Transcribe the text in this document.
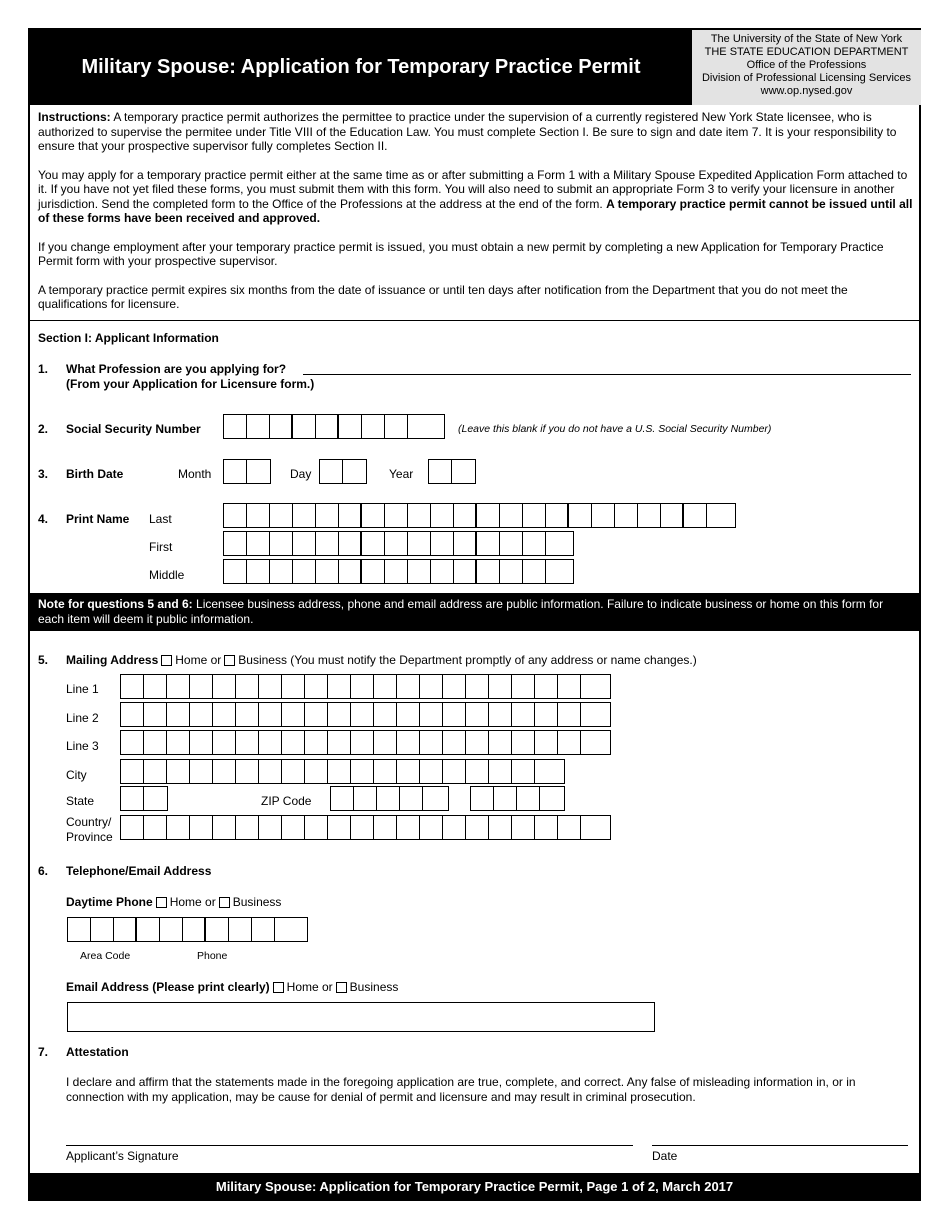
Military Spouse: Application for Temporary Practice Permit
The University of the State of New York
THE STATE EDUCATION DEPARTMENT
Office of the Professions
Division of Professional Licensing Services
www.op.nysed.gov

Instructions: A temporary practice permit authorizes the permittee to practice under the supervision of a currently registered New York State licensee, who is authorized to supervise the permitee under Title VIII of the Education Law. You must complete Section I. Be sure to sign and date item 7. It is your responsibility to ensure that your prospective supervisor fully completes Section II.

You may apply for a temporary practice permit either at the same time as or after submitting a Form 1 with a Military Spouse Expedited Application Form attached to it. If you have not yet filed these forms, you must submit them with this form. You will also need to submit an appropriate Form 3 to verify your licensure in another jurisdiction. Send the completed form to the Office of the Professions at the address at the end of the form. A temporary practice permit cannot be issued until all of these forms have been received and approved.

If you change employment after your temporary practice permit is issued, you must obtain a new permit by completing a new Application for Temporary Practice Permit form with your prospective supervisor.

A temporary practice permit expires six months from the date of issuance or until ten days after notification from the Department that you do not meet the qualifications for licensure.

Section I: Applicant Information
1. What Profession are you applying for?
(From your Application for Licensure form.)
2. Social Security Number	(Leave this blank if you do not have a U.S. Social Security Number)
3. Birth Date	Month	Day	Year
4. Print Name Last
First
Middle
Note for questions 5 and 6: Licensee business address, phone and email address are public information. Failure to indicate business or home on this form for each item will deem it public information.
5. Mailing Address Home or Business (You must notify the Department promptly of any address or name changes.)
Line 1
Line 2
Line 3
City
State	ZIP Code
Country/
Province
6. Telephone/Email Address
Daytime Phone Home or Business
Area Code	Phone
Email Address (Please print clearly) Home or Business
7. Attestation
I declare and affirm that the statements made in the foregoing application are true, complete, and correct. Any false of misleading information in, or in connection with my application, may be cause for denial of permit and licensure and may result in criminal prosecution.
Applicant’s Signature	Date
Military Spouse: Application for Temporary Practice Permit, Page 1 of 2, March 2017
